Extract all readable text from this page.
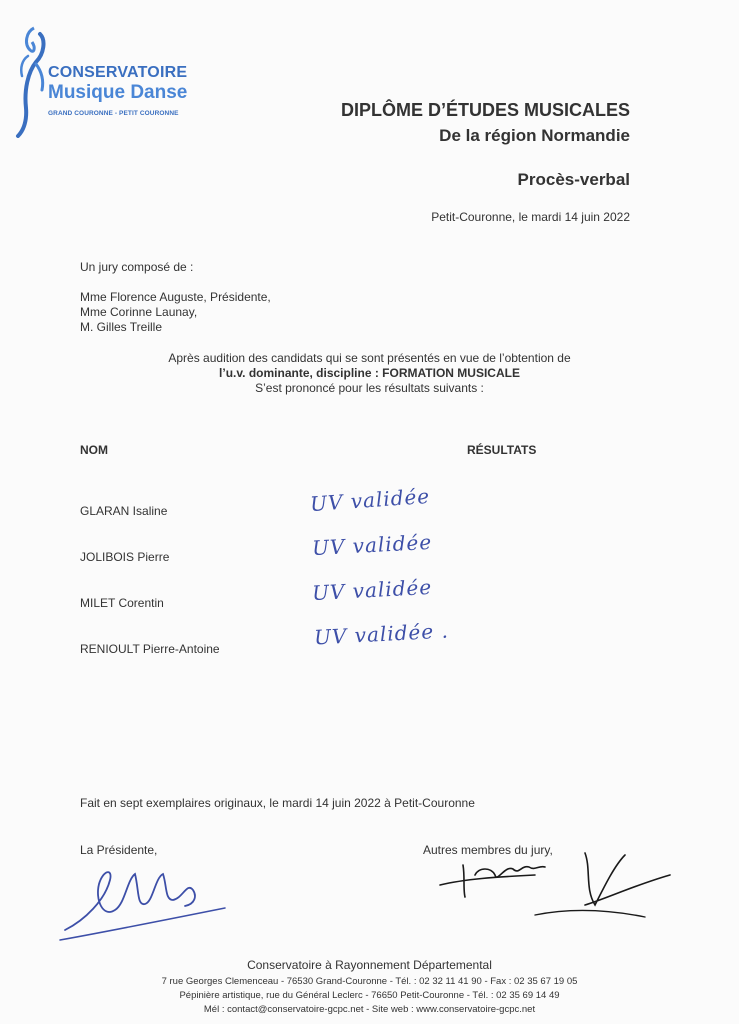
CONSERVATOIRE
Musique Danse
GRAND COURONNE - PETIT COURONNE	DIPLÔME D’ÉTUDES MUSICALES
De la région Normandie
Procès-verbal
Petit-Couronne, le mardi 14 juin 2022
Un jury composé de :
Mme Florence Auguste, Présidente,
Mme Corinne Launay,
M. Gilles Treille
Après audition des candidats qui se sont présentés en vue de l’obtention de
l’u.v. dominante, discipline : FORMATION MUSICALE
S’est prononcé pour les résultats suivants :
NOM	RÉSULTATS
GLARAN Isaline	UV validée
JOLIBOIS Pierre	UV validée
MILET Corentin	UV validée
RENIOULT Pierre-Antoine	UV validée .
Fait en sept exemplaires originaux, le mardi 14 juin 2022 à Petit-Couronne
La Présidente,	Autres membres du jury,
Conservatoire à Rayonnement Départemental
7 rue Georges Clemenceau - 76530 Grand-Couronne - Tél. : 02 32 11 41 90 - Fax : 02 35 67 19 05
Pépinière artistique, rue du Général Leclerc - 76650 Petit-Couronne - Tél. : 02 35 69 14 49
Mél : contact@conservatoire-gcpc.net - Site web : www.conservatoire-gcpc.net
